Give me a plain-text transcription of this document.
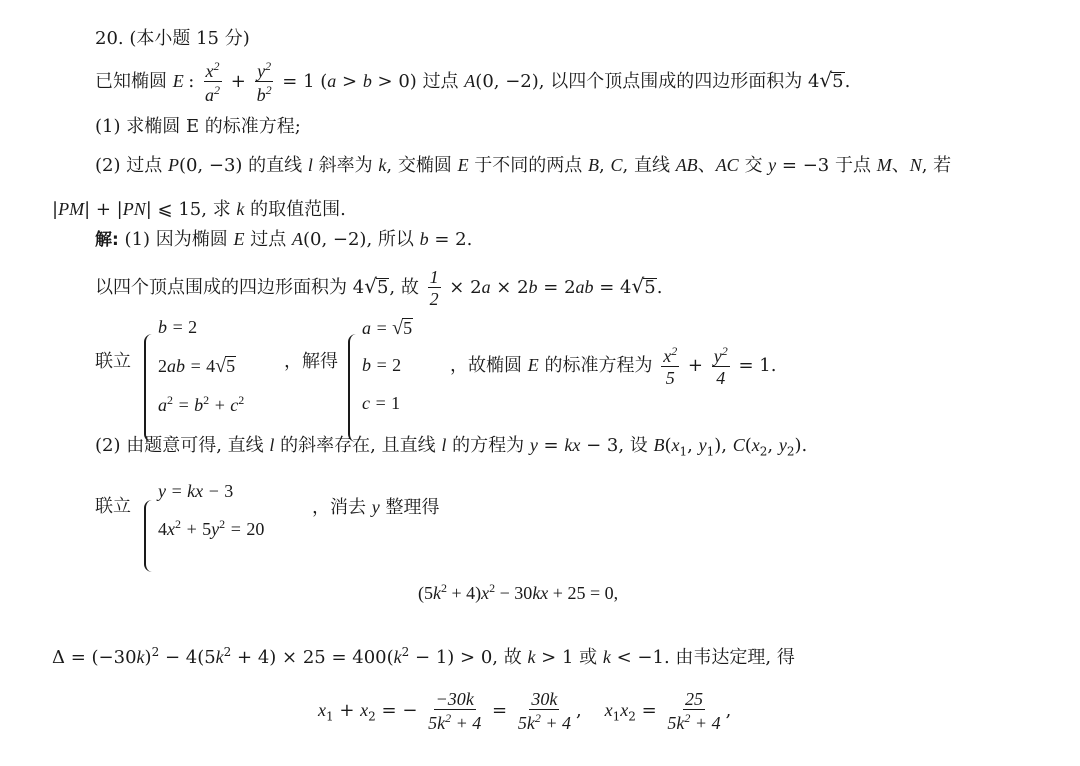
20. (本小题 15 分)
已知椭圆 E : $\frac{x^2}{a^2} + \frac{y^2}{b^2} = 1$ (a > b > 0) 过点 A(0, −2), 以四个顶点围成的四边形面积为 4√5.
(1) 求椭圆 E 的标准方程;
(2) 过点 P(0, −3) 的直线 l 斜率为 k, 交椭圆 E 于不同的两点 B, C, 直线 AB、AC 交 y = −3 于点 M、N, 若
|PM| + |PN| ⩽ 15, 求 k 的取值范围.
解: (1) 因为椭圆 E 过点 A(0, −2), 所以 b = 2.
以四个顶点围成的四边形面积为 4√5, 故 $\frac{1}{2} \times 2a \times 2b = 2ab = 4√5$.
联立
b = 2
2ab = 4√5
$a^2 = b^2 + c^2$
，解得
a = √5
b = 2
c = 1
，故椭圆 E 的标准方程为 $\frac{x^2}{5} + \frac{y^2}{4} = 1$.
(2) 由题意可得, 直线 l 的斜率存在, 且直线 l 的方程为 y = kx − 3, 设 $B(x_1$, $y_1$), $C(x_2$, $y_2$).
联立
y = kx − 3
$4x^2 + 5y^2 = 20$
，消去 y 整理得
$(5k^2 + 4)x^2 - 30kx + 25 = 0$,
$\Delta = (-30k)^2 - 4(5k^2 + 4) \times 25 = 400(k^2 - 1) > 0$, 故 k > 1 或 k < −1. 由韦达定理, 得
$x_1 + x_2$ = − $\frac{-30k}{5k^2 + 4} = \frac{30k}{5k^2 + 4}$ ,    $x_1x_2 = \frac{25}{5k^2 + 4}$ ,
